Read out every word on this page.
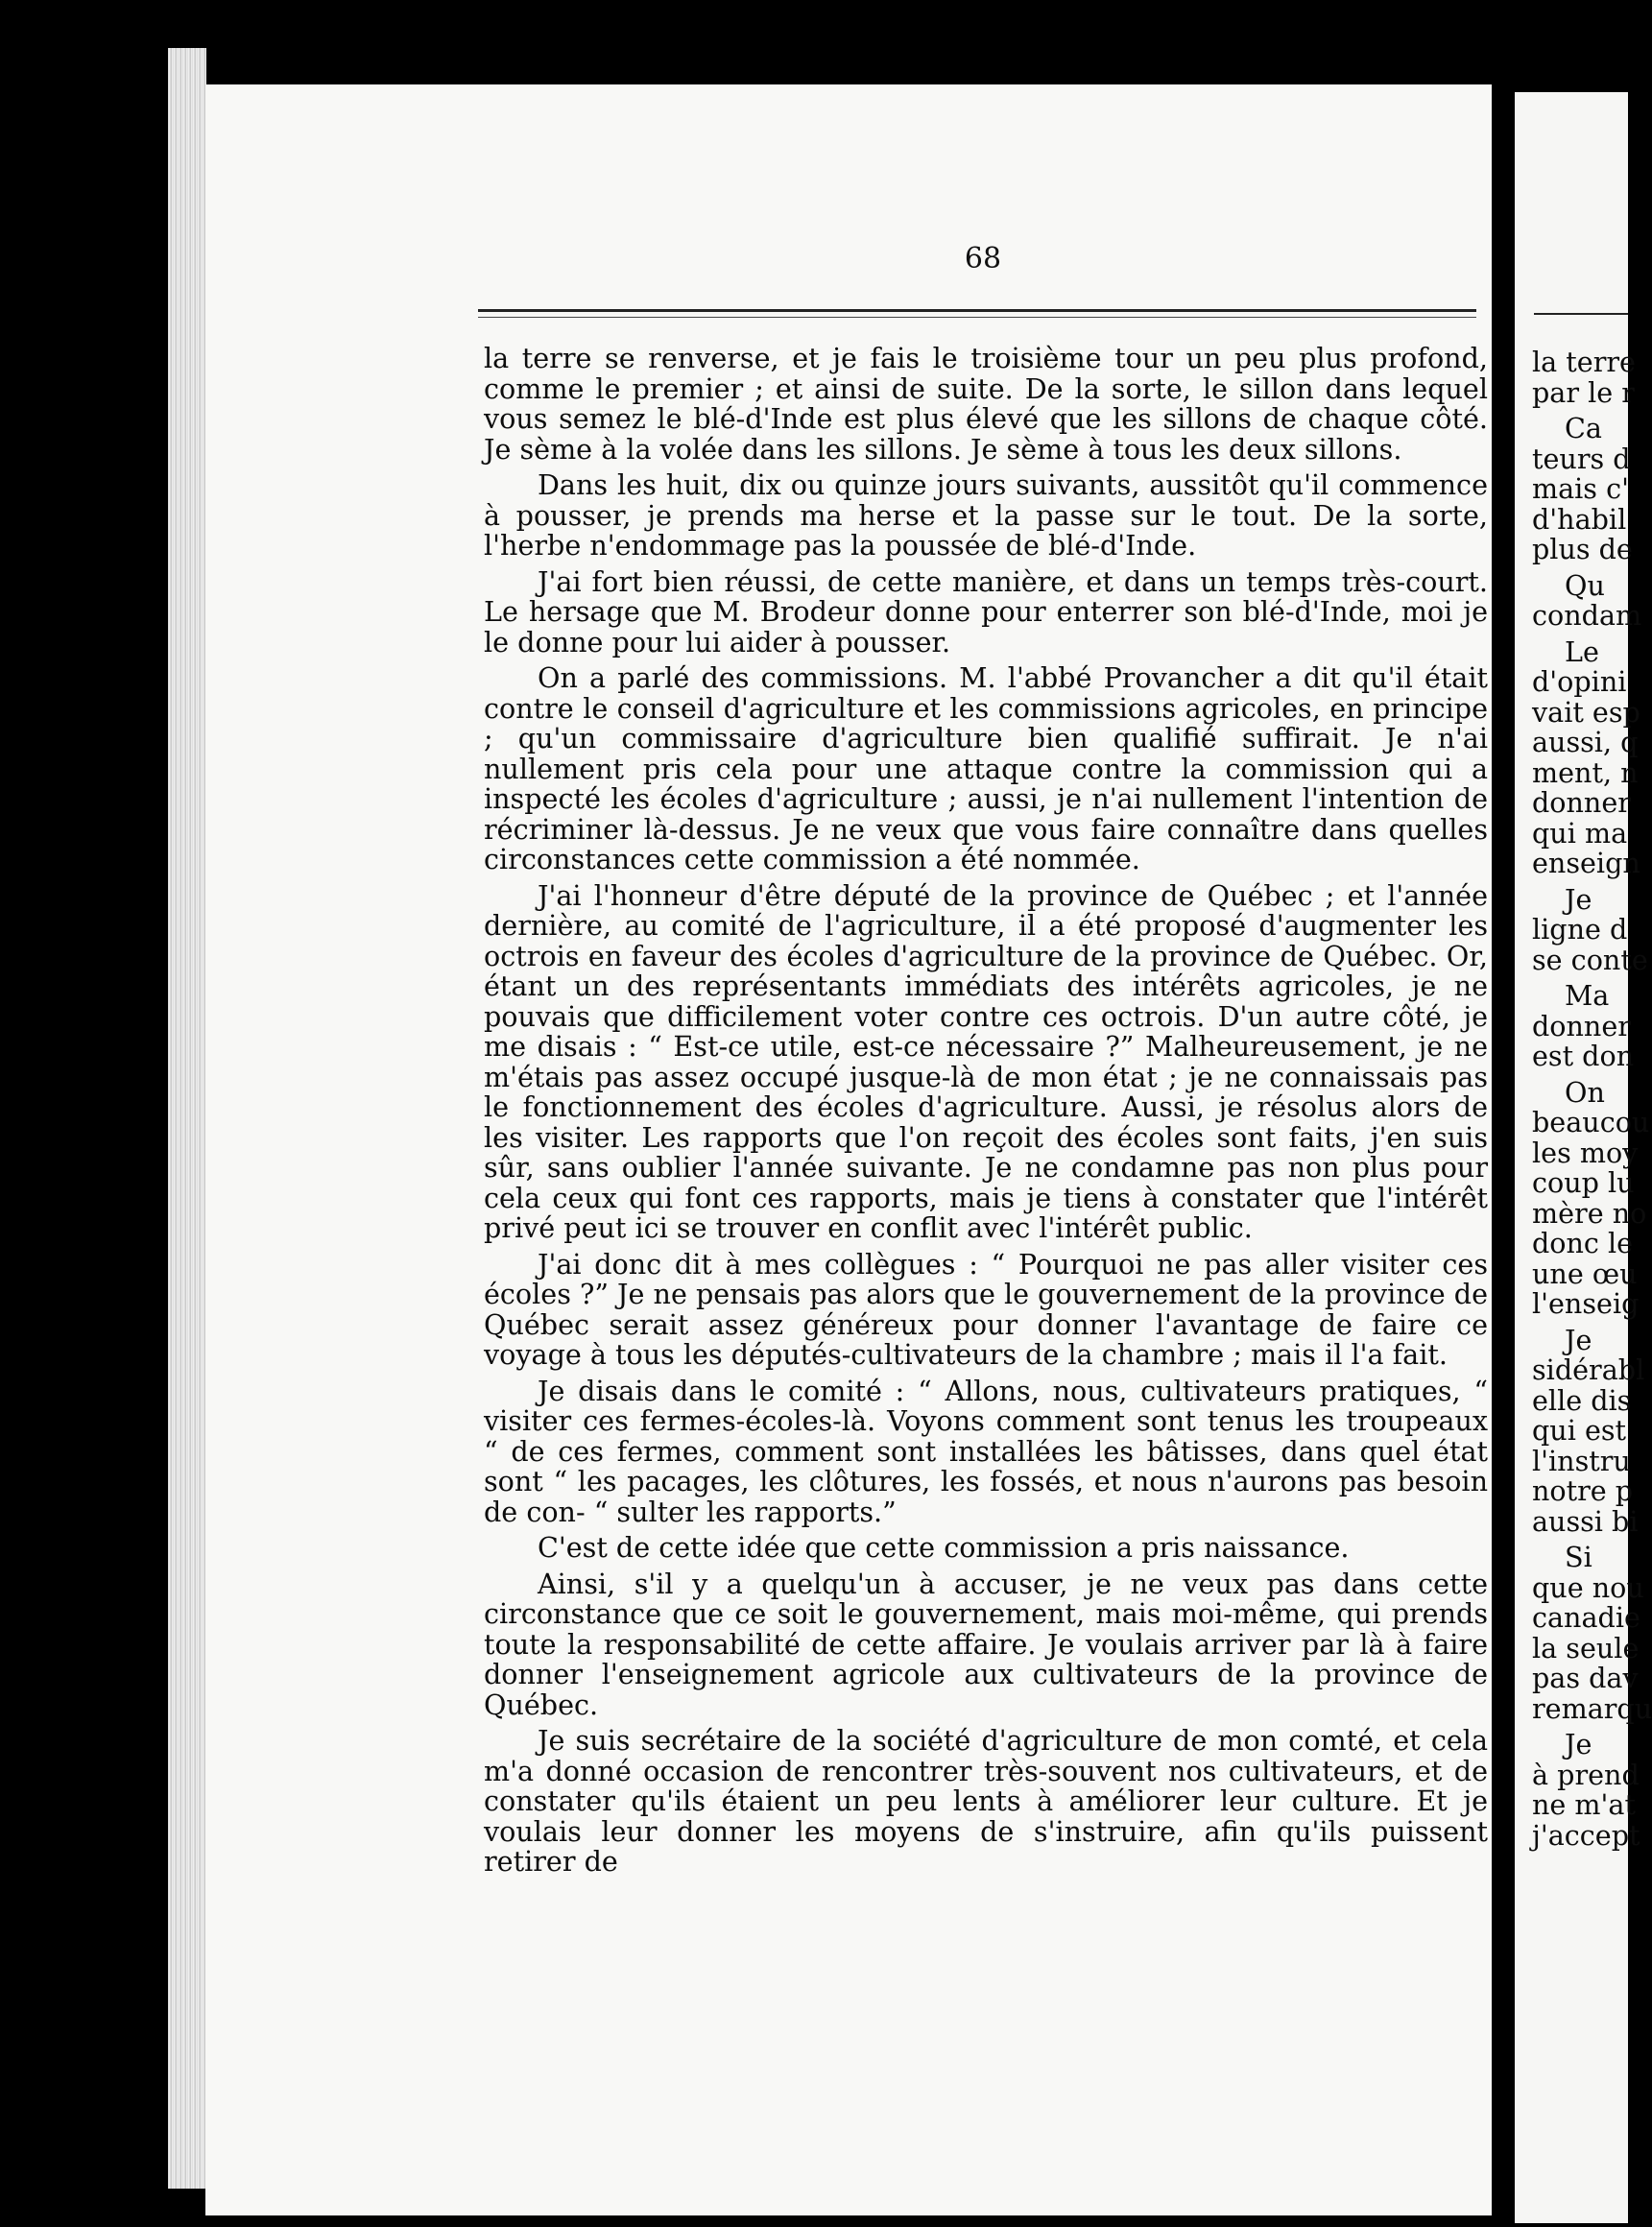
68

la terre se renverse, et je fais le troisième tour un peu plus profond, comme le premier ; et ainsi de suite. De la sorte, le sillon dans lequel vous semez le blé-d'Inde est plus élevé que les sillons de chaque côté. Je sème à la volée dans les sillons. Je sème à tous les deux sillons.

Dans les huit, dix ou quinze jours suivants, aussitôt qu'il commence à pousser, je prends ma herse et la passe sur le tout. De la sorte, l'herbe n'endommage pas la poussée de blé-d'Inde.

J'ai fort bien réussi, de cette manière, et dans un temps très-court. Le hersage que M. Brodeur donne pour enterrer son blé-d'Inde, moi je le donne pour lui aider à pousser.

On a parlé des commissions. M. l'abbé Provancher a dit qu'il était contre le conseil d'agriculture et les commissions agricoles, en principe ; qu'un commissaire d'agriculture bien qualifié suffirait. Je n'ai nullement pris cela pour une attaque contre la commission qui a inspecté les écoles d'agriculture ; aussi, je n'ai nullement l'intention de récriminer là-dessus. Je ne veux que vous faire connaître dans quelles circonstances cette commission a été nommée.

J'ai l'honneur d'être député de la province de Québec ; et l'année dernière, au comité de l'agriculture, il a été proposé d'augmenter les octrois en faveur des écoles d'agriculture de la province de Québec. Or, étant un des représentants immédiats des intérêts agricoles, je ne pouvais que difficilement voter contre ces octrois. D'un autre côté, je me disais : “ Est-ce utile, est-ce nécessaire ?” Malheureusement, je ne m'étais pas assez occupé jusque-là de mon état ; je ne connaissais pas le fonctionnement des écoles d'agriculture. Aussi, je résolus alors de les visiter. Les rapports que l'on reçoit des écoles sont faits, j'en suis sûr, sans oublier l'année suivante. Je ne condamne pas non plus pour cela ceux qui font ces rapports, mais je tiens à constater que l'intérêt privé peut ici se trouver en conflit avec l'intérêt public.

J'ai donc dit à mes collègues : “ Pourquoi ne pas aller visiter ces écoles ?” Je ne pensais pas alors que le gouvernement de la province de Québec serait assez généreux pour donner l'avantage de faire ce voyage à tous les députés-cultivateurs de la chambre ; mais il l'a fait.

Je disais dans le comité : “ Allons, nous, cultivateurs pratiques, “ visiter ces fermes-écoles-là. Voyons comment sont tenus les troupeaux “ de ces fermes, comment sont installées les bâtisses, dans quel état sont “ les pacages, les clôtures, les fossés, et nous n'aurons pas besoin de con- “ sulter les rapports.”

C'est de cette idée que cette commission a pris naissance.

Ainsi, s'il y a quelqu'un à accuser, je ne veux pas dans cette circonstance que ce soit le gouvernement, mais moi-même, qui prends toute la responsabilité de cette affaire. Je voulais arriver par là à faire donner l'enseignement agricole aux cultivateurs de la province de Québec.

Je suis secrétaire de la société d'agriculture de mon comté, et cela m'a donné occasion de rencontrer très-souvent nos cultivateurs, et de constater qu'ils étaient un peu lents à améliorer leur culture. Et je voulais leur donner les moyens de s'instruire, afin qu'ils puissent retirer de

la terre
par le r
Ca
teurs d
mais c'
d'habil
plus de
Qu
condam
Le
d'opini
vait esp
aussi, q
ment, n
donner
qui ma
enseign
Je
ligne d
se conte
Ma
donner
est don
On
beaucou
les moy
coup lu
mère no
donc le
une œu
l'enseig
Je
sidérabl
elle dis
qui est
l'instru
notre p
aussi bi
Si
que nou
canadie
la seule
pas dav
remarqu
Je
à prend
ne m'at
j'accept
